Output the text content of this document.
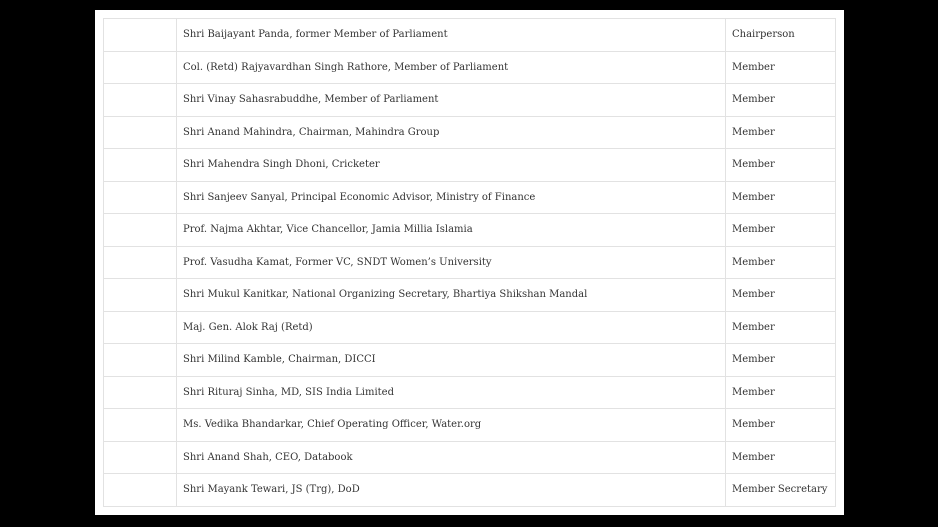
	Shri Baijayant Panda, former Member of Parliament	Chairperson
	Col. (Retd) Rajyavardhan Singh Rathore, Member of Parliament	Member
	Shri Vinay Sahasrabuddhe, Member of Parliament	Member
	Shri Anand Mahindra, Chairman, Mahindra Group	Member
	Shri Mahendra Singh Dhoni, Cricketer	Member
	Shri Sanjeev Sanyal, Principal Economic Advisor, Ministry of Finance	Member
	Prof. Najma Akhtar, Vice Chancellor, Jamia Millia Islamia	Member
	Prof. Vasudha Kamat, Former VC, SNDT Women’s University	Member
	Shri Mukul Kanitkar, National Organizing Secretary, Bhartiya Shikshan Mandal	Member
	Maj. Gen. Alok Raj (Retd)	Member
	Shri Milind Kamble, Chairman, DICCI	Member
	Shri Rituraj Sinha, MD, SIS India Limited	Member
	Ms. Vedika Bhandarkar, Chief Operating Officer, Water.org	Member
	Shri Anand Shah, CEO, Databook	Member
	Shri Mayank Tewari, JS (Trg), DoD	Member Secretary
